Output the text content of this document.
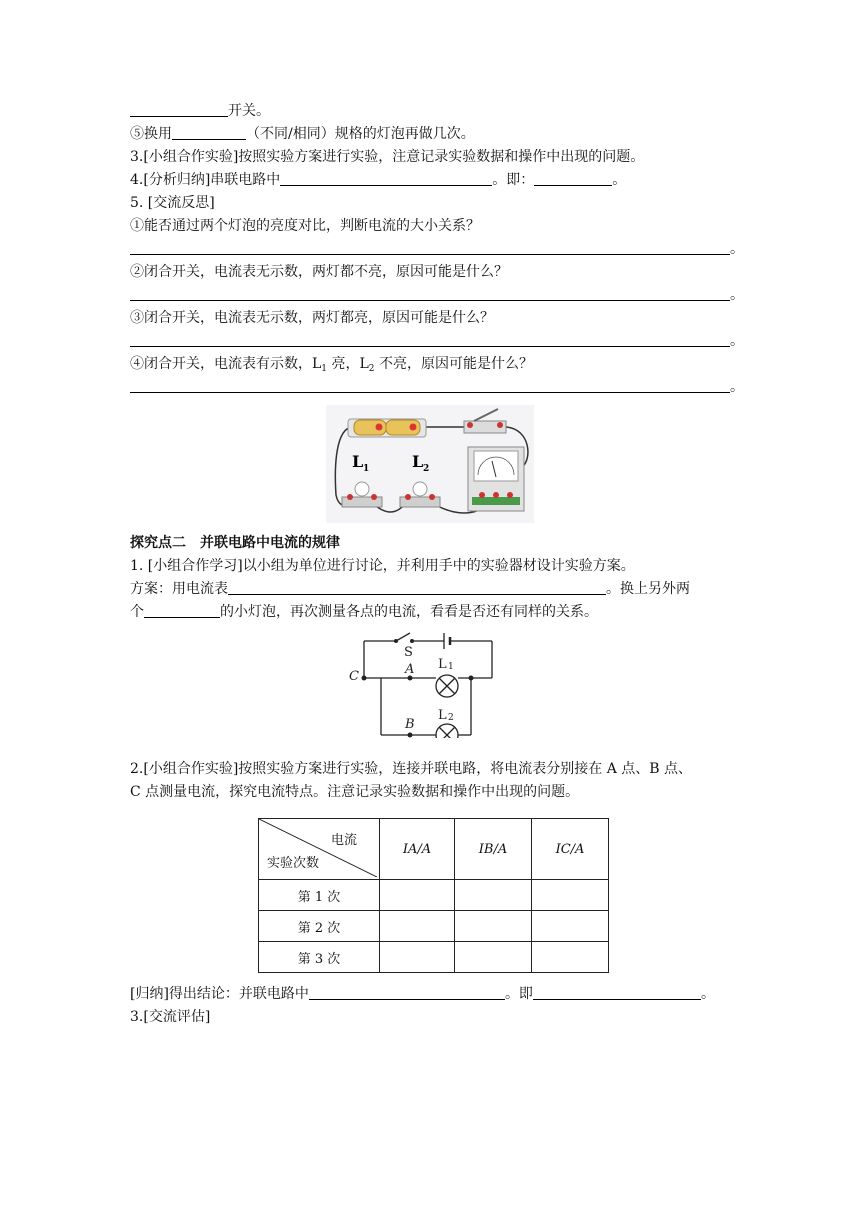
开关。
⑤换用	（不同/相同）规格的灯泡再做几次。
3.[小组合作实验]按照实验方案进行实验，注意记录实验数据和操作中出现的问题。
4.[分析归纳]串联电路中	。即：	。
5. [交流反思]
①能否通过两个灯泡的亮度对比，判断电流的大小关系？
。
②闭合开关，电流表无示数，两灯都不亮，原因可能是什么？
。
③闭合开关，电流表无示数，两灯都亮，原因可能是什么？
。
④闭合开关，电流表有示数，$L_1$ 亮，$L_2$ 不亮，原因可能是什么？
。
L 1	L 2
探究点二　并联电路中电流的规律
1. [小组合作学习]以小组为单位进行讨论，并利用手中的实验器材设计实验方案。
方案：用电流表	。换上另外两
个	的小灯泡，再次测量各点的电流，看看是否还有同样的关系。
S
A
B
C
L 1
L 2
2.[小组合作实验]按照实验方案进行实验，连接并联电路，将电流表分别接在 A 点、B 点、
C 点测量电流，探究电流特点。注意记录实验数据和操作中出现的问题。
电流
实验次数	IA/A	IB/A	IC/A
第 1 次			
第 2 次			
第 3 次			
[归纳]得出结论：并联电路中	。即	。
3.[交流评估]
